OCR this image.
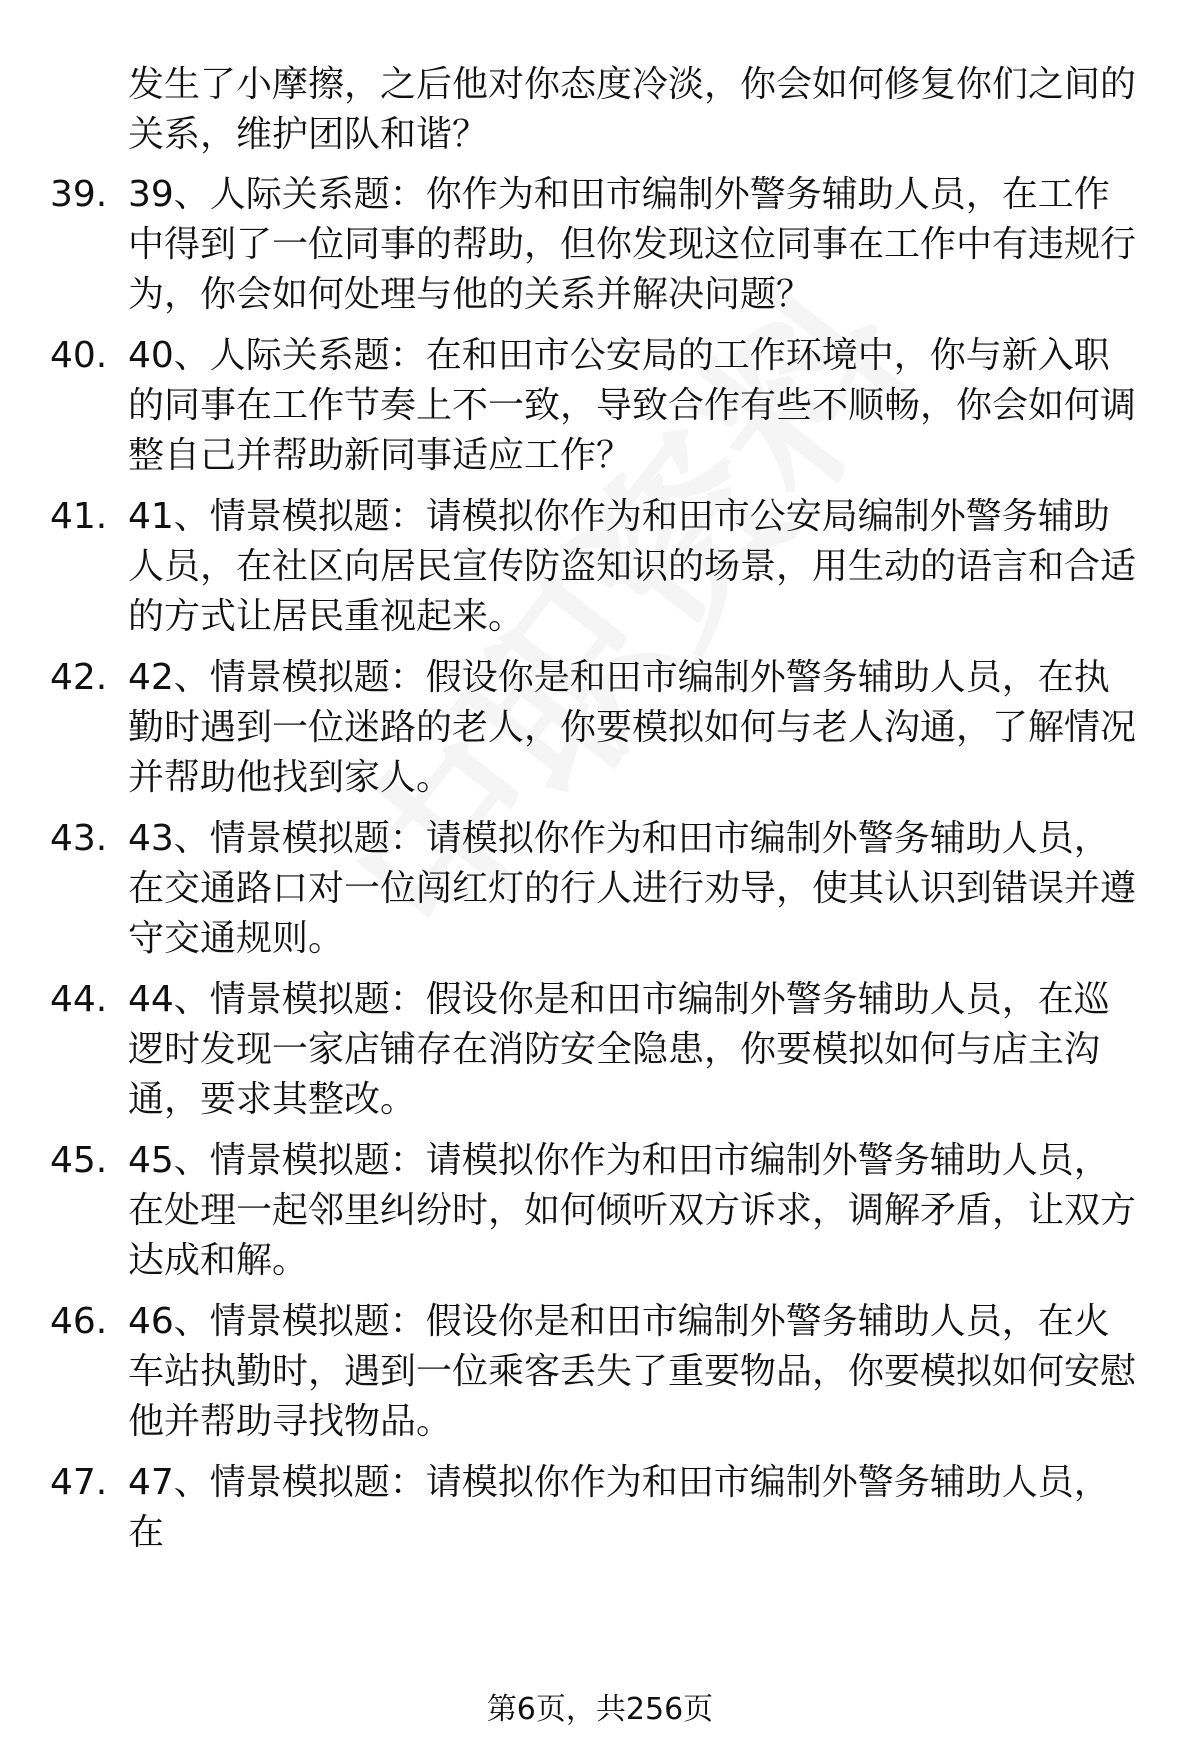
发生了小摩擦，之后他对你态度冷淡，你会如何修复你们之间的关系，维护团队和谐？
39. 39、人际关系题：你作为和田市编制外警务辅助人员，在工作中得到了一位同事的帮助，但你发现这位同事在工作中有违规行为，你会如何处理与他的关系并解决问题？
40. 40、人际关系题：在和田市公安局的工作环境中，你与新入职的同事在工作节奏上不一致，导致合作有些不顺畅，你会如何调整自己并帮助新同事适应工作？
41. 41、情景模拟题：请模拟你作为和田市公安局编制外警务辅助人员，在社区向居民宣传防盗知识的场景，用生动的语言和合适的方式让居民重视起来。
42. 42、情景模拟题：假设你是和田市编制外警务辅助人员，在执勤时遇到一位迷路的老人，你要模拟如何与老人沟通，了解情况并帮助他找到家人。
43. 43、情景模拟题：请模拟你作为和田市编制外警务辅助人员，在交通路口对一位闯红灯的行人进行劝导，使其认识到错误并遵守交通规则。
44. 44、情景模拟题：假设你是和田市编制外警务辅助人员，在巡逻时发现一家店铺存在消防安全隐患，你要模拟如何与店主沟通，要求其整改。
45. 45、情景模拟题：请模拟你作为和田市编制外警务辅助人员，在处理一起邻里纠纷时，如何倾听双方诉求，调解矛盾，让双方达成和解。
46. 46、情景模拟题：假设你是和田市编制外警务辅助人员，在火车站执勤时，遇到一位乘客丢失了重要物品，你要模拟如何安慰他并帮助寻找物品。
47. 47、情景模拟题：请模拟你作为和田市编制外警务辅助人员，在
第6页，共256页
